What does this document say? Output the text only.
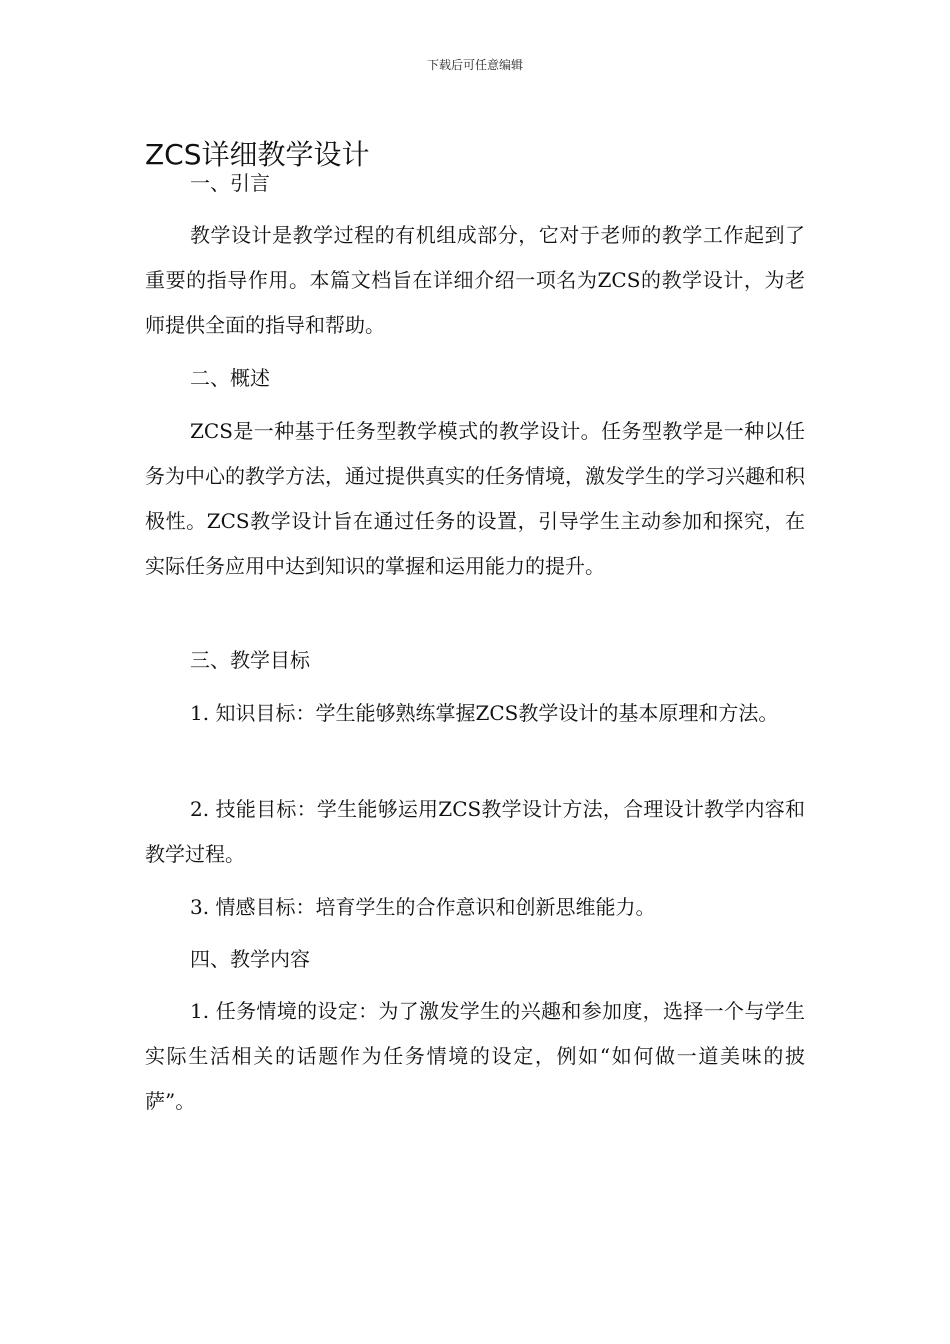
下载后可任意编辑
ZCS详细教学设计

一、引言

教学设计是教学过程的有机组成部分，它对于老师的教学工作起到了重要的指导作用。本篇文档旨在详细介绍一项名为ZCS的教学设计，为老师提供全面的指导和帮助。

二、概述

ZCS是一种基于任务型教学模式的教学设计。任务型教学是一种以任务为中心的教学方法，通过提供真实的任务情境，激发学生的学习兴趣和积极性。ZCS教学设计旨在通过任务的设置，引导学生主动参加和探究，在实际任务应用中达到知识的掌握和运用能力的提升。

三、教学目标

1. 知识目标：学生能够熟练掌握ZCS教学设计的基本原理和方法。

2. 技能目标：学生能够运用ZCS教学设计方法，合理设计教学内容和教学过程。

3. 情感目标：培育学生的合作意识和创新思维能力。

四、教学内容

1. 任务情境的设定：为了激发学生的兴趣和参加度，选择一个与学生实际生活相关的话题作为任务情境的设定，例如“如何做一道美味的披萨”。
